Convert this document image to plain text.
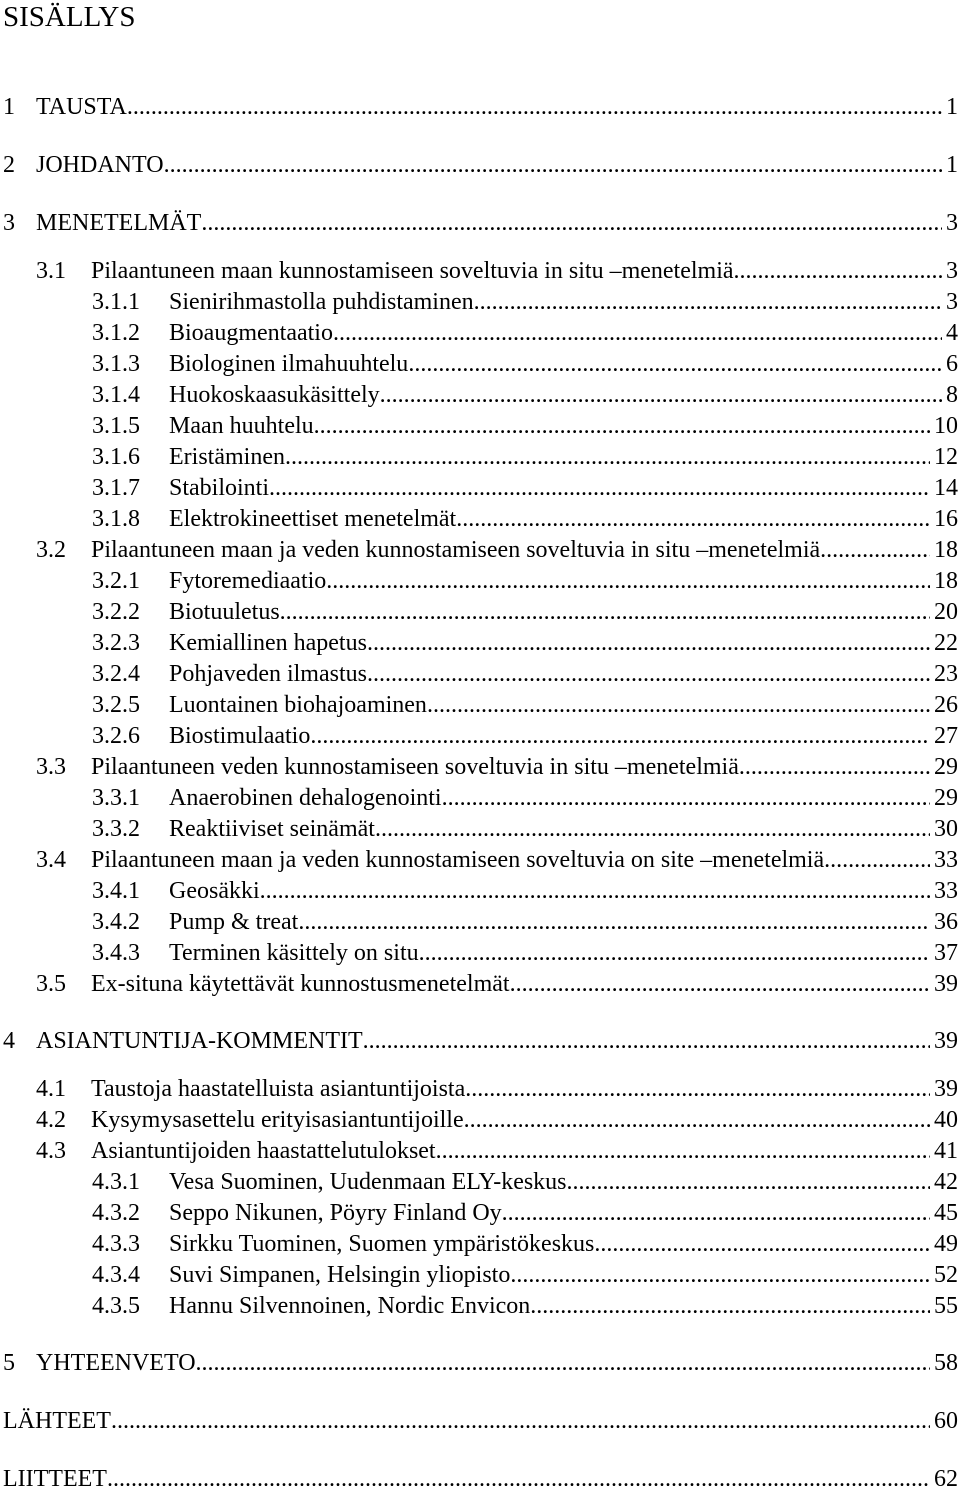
SISÄLLYS
1 TAUSTA .....	1
2 JOHDANTO .....	1
3 MENETELMÄT .....	3
3.1	Pilaantuneen maan kunnostamiseen soveltuvia in situ –menetelmiä .....	3
3.1.1	Sienirihmastolla puhdistaminen .....	3
3.1.2	Bioaugmentaatio .....	4
3.1.3	Biologinen ilmahuuhtelu .....	6
3.1.4	Huokoskaasukäsittely .....	8
3.1.5	Maan huuhtelu .....	10
3.1.6	Eristäminen .....	12
3.1.7	Stabilointi .....	14
3.1.8	Elektrokineettiset menetelmät .....	16
3.2	Pilaantuneen maan ja veden kunnostamiseen soveltuvia in situ –menetelmiä .....	18
3.2.1	Fytoremediaatio .....	18
3.2.2	Biotuuletus .....	20
3.2.3	Kemiallinen hapetus .....	22
3.2.4	Pohjaveden ilmastus .....	23
3.2.5	Luontainen biohajoaminen .....	26
3.2.6	Biostimulaatio .....	27
3.3	Pilaantuneen veden kunnostamiseen soveltuvia in situ –menetelmiä .....	29
3.3.1	Anaerobinen dehalogenointi .....	29
3.3.2	Reaktiiviset seinämät .....	30
3.4	Pilaantuneen maan ja veden kunnostamiseen soveltuvia on site –menetelmiä .....	33
3.4.1	Geosäkki .....	33
3.4.2	Pump & treat .....	36
3.4.3	Terminen käsittely on situ .....	37
3.5	Ex-situna käytettävät kunnostusmenetelmät .....	39
4 ASIANTUNTIJA-KOMMENTIT .....	39
4.1	Taustoja haastatelluista asiantuntijoista .....	39
4.2	Kysymysasettelu erityisasiantuntijoille .....	40
4.3	Asiantuntijoiden haastattelutulokset .....	41
4.3.1	Vesa Suominen, Uudenmaan ELY-keskus .....	42
4.3.2	Seppo Nikunen, Pöyry Finland Oy .....	45
4.3.3	Sirkku Tuominen, Suomen ympäristökeskus .....	49
4.3.4	Suvi Simpanen, Helsingin yliopisto .....	52
4.3.5	Hannu Silvennoinen, Nordic Envicon .....	55
5 YHTEENVETO .....	58
LÄHTEET .....	60
LIITTEET .....	62
